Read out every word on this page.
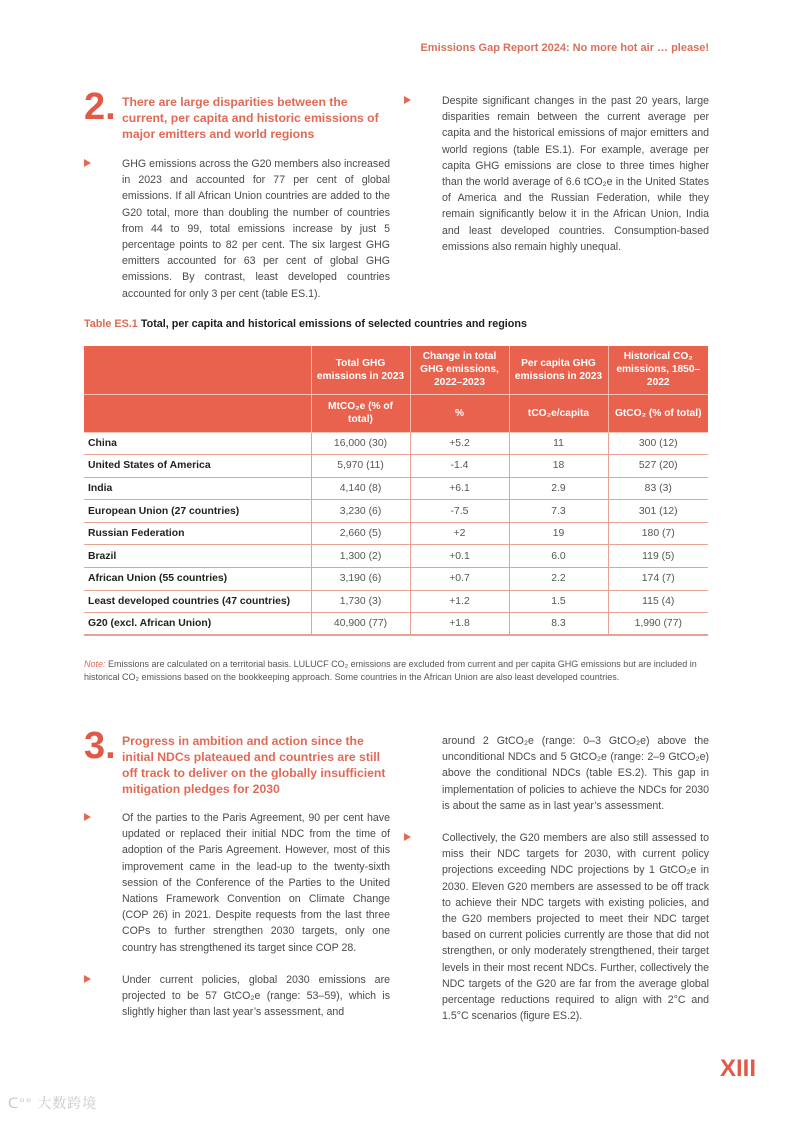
Emissions Gap Report 2024: No more hot air … please!
2. There are large disparities between the current, per capita and historic emissions of major emitters and world regions
GHG emissions across the G20 members also increased in 2023 and accounted for 77 per cent of global emissions. If all African Union countries are added to the G20 total, more than doubling the number of countries from 44 to 99, total emissions increase by just 5 percentage points to 82 per cent. The six largest GHG emitters accounted for 63 per cent of global GHG emissions. By contrast, least developed countries accounted for only 3 per cent (table ES.1).
Despite significant changes in the past 20 years, large disparities remain between the current average per capita and the historical emissions of major emitters and world regions (table ES.1). For example, average per capita GHG emissions are close to three times higher than the world average of 6.6 tCO₂e in the United States of America and the Russian Federation, while they remain significantly below it in the African Union, India and least developed countries. Consumption-based emissions also remain highly unequal.
Table ES.1 Total, per capita and historical emissions of selected countries and regions
	Total GHG emissions in 2023	Change in total GHG emissions, 2022–2023	Per capita GHG emissions in 2023	Historical CO₂ emissions, 1850–2022
	MtCO₂e (% of total)	%	tCO₂e/capita	GtCO₂ (% of total)
China	16,000 (30)	+5.2	11	300 (12)
United States of America	5,970 (11)	-1.4	18	527 (20)
India	4,140 (8)	+6.1	2.9	83 (3)
European Union (27 countries)	3,230 (6)	-7.5	7.3	301 (12)
Russian Federation	2,660 (5)	+2	19	180 (7)
Brazil	1,300 (2)	+0.1	6.0	119 (5)
African Union (55 countries)	3,190 (6)	+0.7	2.2	174 (7)
Least developed countries (47 countries)	1,730 (3)	+1.2	1.5	115 (4)
G20 (excl. African Union)	40,900 (77)	+1.8	8.3	1,990 (77)
Note: Emissions are calculated on a territorial basis. LULUCF CO₂ emissions are excluded from current and per capita GHG emissions but are included in historical CO₂ emissions based on the bookkeeping approach. Some countries in the African Union are also least developed countries.
3. Progress in ambition and action since the initial NDCs plateaued and countries are still off track to deliver on the globally insufficient mitigation pledges for 2030
Of the parties to the Paris Agreement, 90 per cent have updated or replaced their initial NDC from the time of adoption of the Paris Agreement. However, most of this improvement came in the lead-up to the twenty-sixth session of the Conference of the Parties to the United Nations Framework Convention on Climate Change (COP 26) in 2021. Despite requests from the last three COPs to further strengthen 2030 targets, only one country has strengthened its target since COP 28.
Under current policies, global 2030 emissions are projected to be 57 GtCO₂e (range: 53–59), which is slightly higher than last year’s assessment, and
around 2 GtCO₂e (range: 0–3 GtCO₂e) above the unconditional NDCs and 5 GtCO₂e (range: 2–9 GtCO₂e) above the conditional NDCs (table ES.2). This gap in implementation of policies to achieve the NDCs for 2030 is about the same as in last year’s assessment.
Collectively, the G20 members are also still assessed to miss their NDC targets for 2030, with current policy projections exceeding NDC projections by 1 GtCO₂e in 2030. Eleven G20 members are assessed to be off track to achieve their NDC targets with existing policies, and the G20 members projected to meet their NDC target based on current policies currently are those that did not strengthen, or only moderately strengthened, their target levels in their most recent NDCs. Further, collectively the NDC targets of the G20 are far from the average global percentage reductions required to align with 2°C and 1.5°C scenarios (figure ES.2).
XIII
ᑕ°° 大数跨境
